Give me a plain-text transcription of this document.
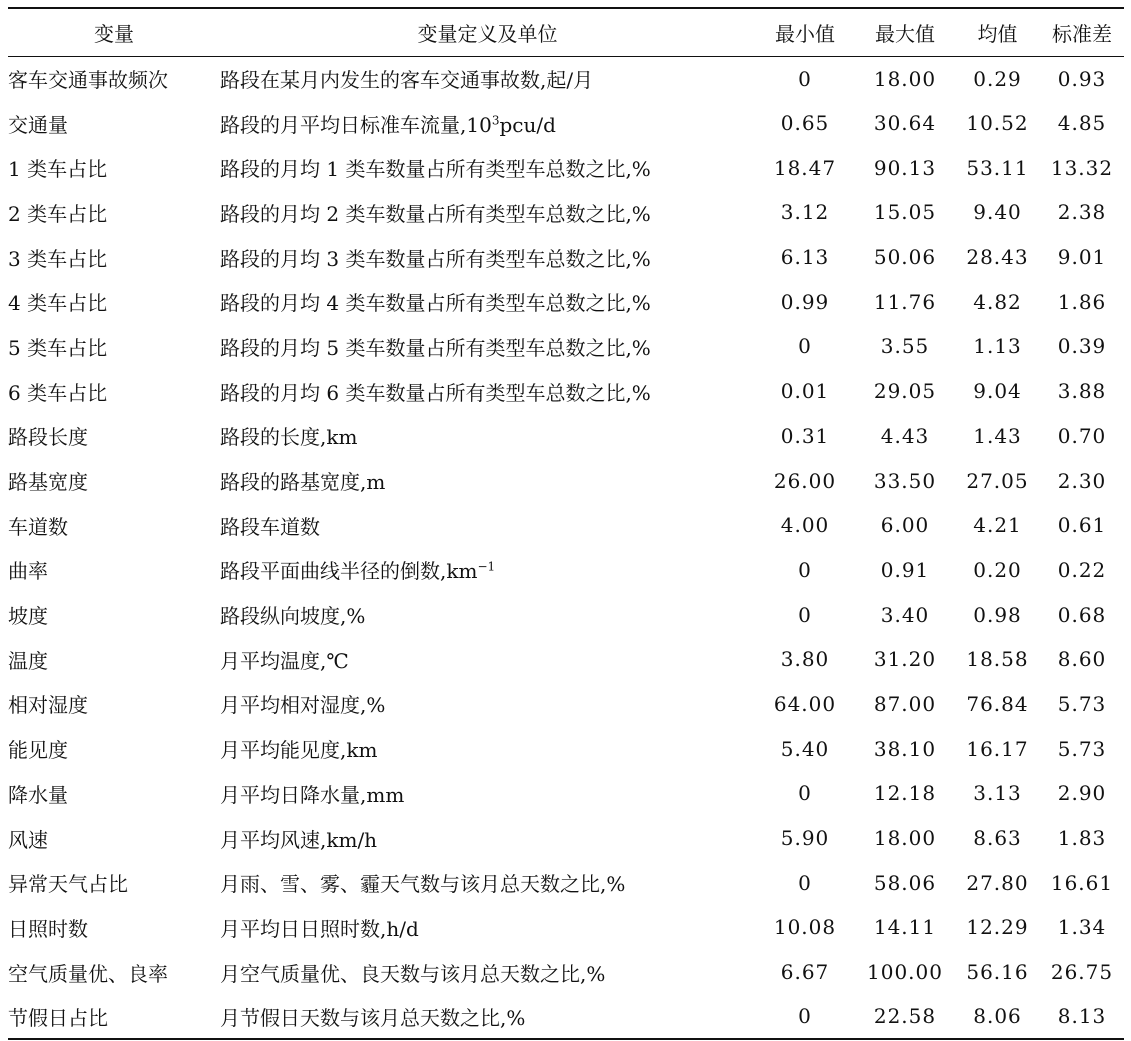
变量	变量定义及单位	最小值	最大值	均值	标准差
客车交通事故频次	路段在某月内发生的客车交通事故数,起/月	0	18.00	0.29	0.93
交通量	路段的月平均日标准车流量$,10^3pcu/d$	0.65	30.64	10.52	4.85
1 类车占比	路段的月均 1 类车数量占所有类型车总数之比,%	18.47	90.13	53.11	13.32
2 类车占比	路段的月均 2 类车数量占所有类型车总数之比,%	3.12	15.05	9.40	2.38
3 类车占比	路段的月均 3 类车数量占所有类型车总数之比,%	6.13	50.06	28.43	9.01
4 类车占比	路段的月均 4 类车数量占所有类型车总数之比,%	0.99	11.76	4.82	1.86
5 类车占比	路段的月均 5 类车数量占所有类型车总数之比,%	0	3.55	1.13	0.39
6 类车占比	路段的月均 6 类车数量占所有类型车总数之比,%	0.01	29.05	9.04	3.88
路段长度	路段的长度,km	0.31	4.43	1.43	0.70
路基宽度	路段的路基宽度,m	26.00	33.50	27.05	2.30
车道数	路段车道数	4.00	6.00	4.21	0.61
曲率	路段平面曲线半径的倒数$,km^{-1}$	0	0.91	0.20	0.22
坡度	路段纵向坡度,%	0	3.40	0.98	0.68
温度	月平均温度,℃	3.80	31.20	18.58	8.60
相对湿度	月平均相对湿度,%	64.00	87.00	76.84	5.73
能见度	月平均能见度,km	5.40	38.10	16.17	5.73
降水量	月平均日降水量,mm	0	12.18	3.13	2.90
风速	月平均风速,km/h	5.90	18.00	8.63	1.83
异常天气占比	月雨、雪、雾、霾天气数与该月总天数之比,%	0	58.06	27.80	16.61
日照时数	月平均日日照时数,h/d	10.08	14.11	12.29	1.34
空气质量优、良率	月空气质量优、良天数与该月总天数之比,%	6.67	100.00	56.16	26.75
节假日占比	月节假日天数与该月总天数之比,%	0	22.58	8.06	8.13
